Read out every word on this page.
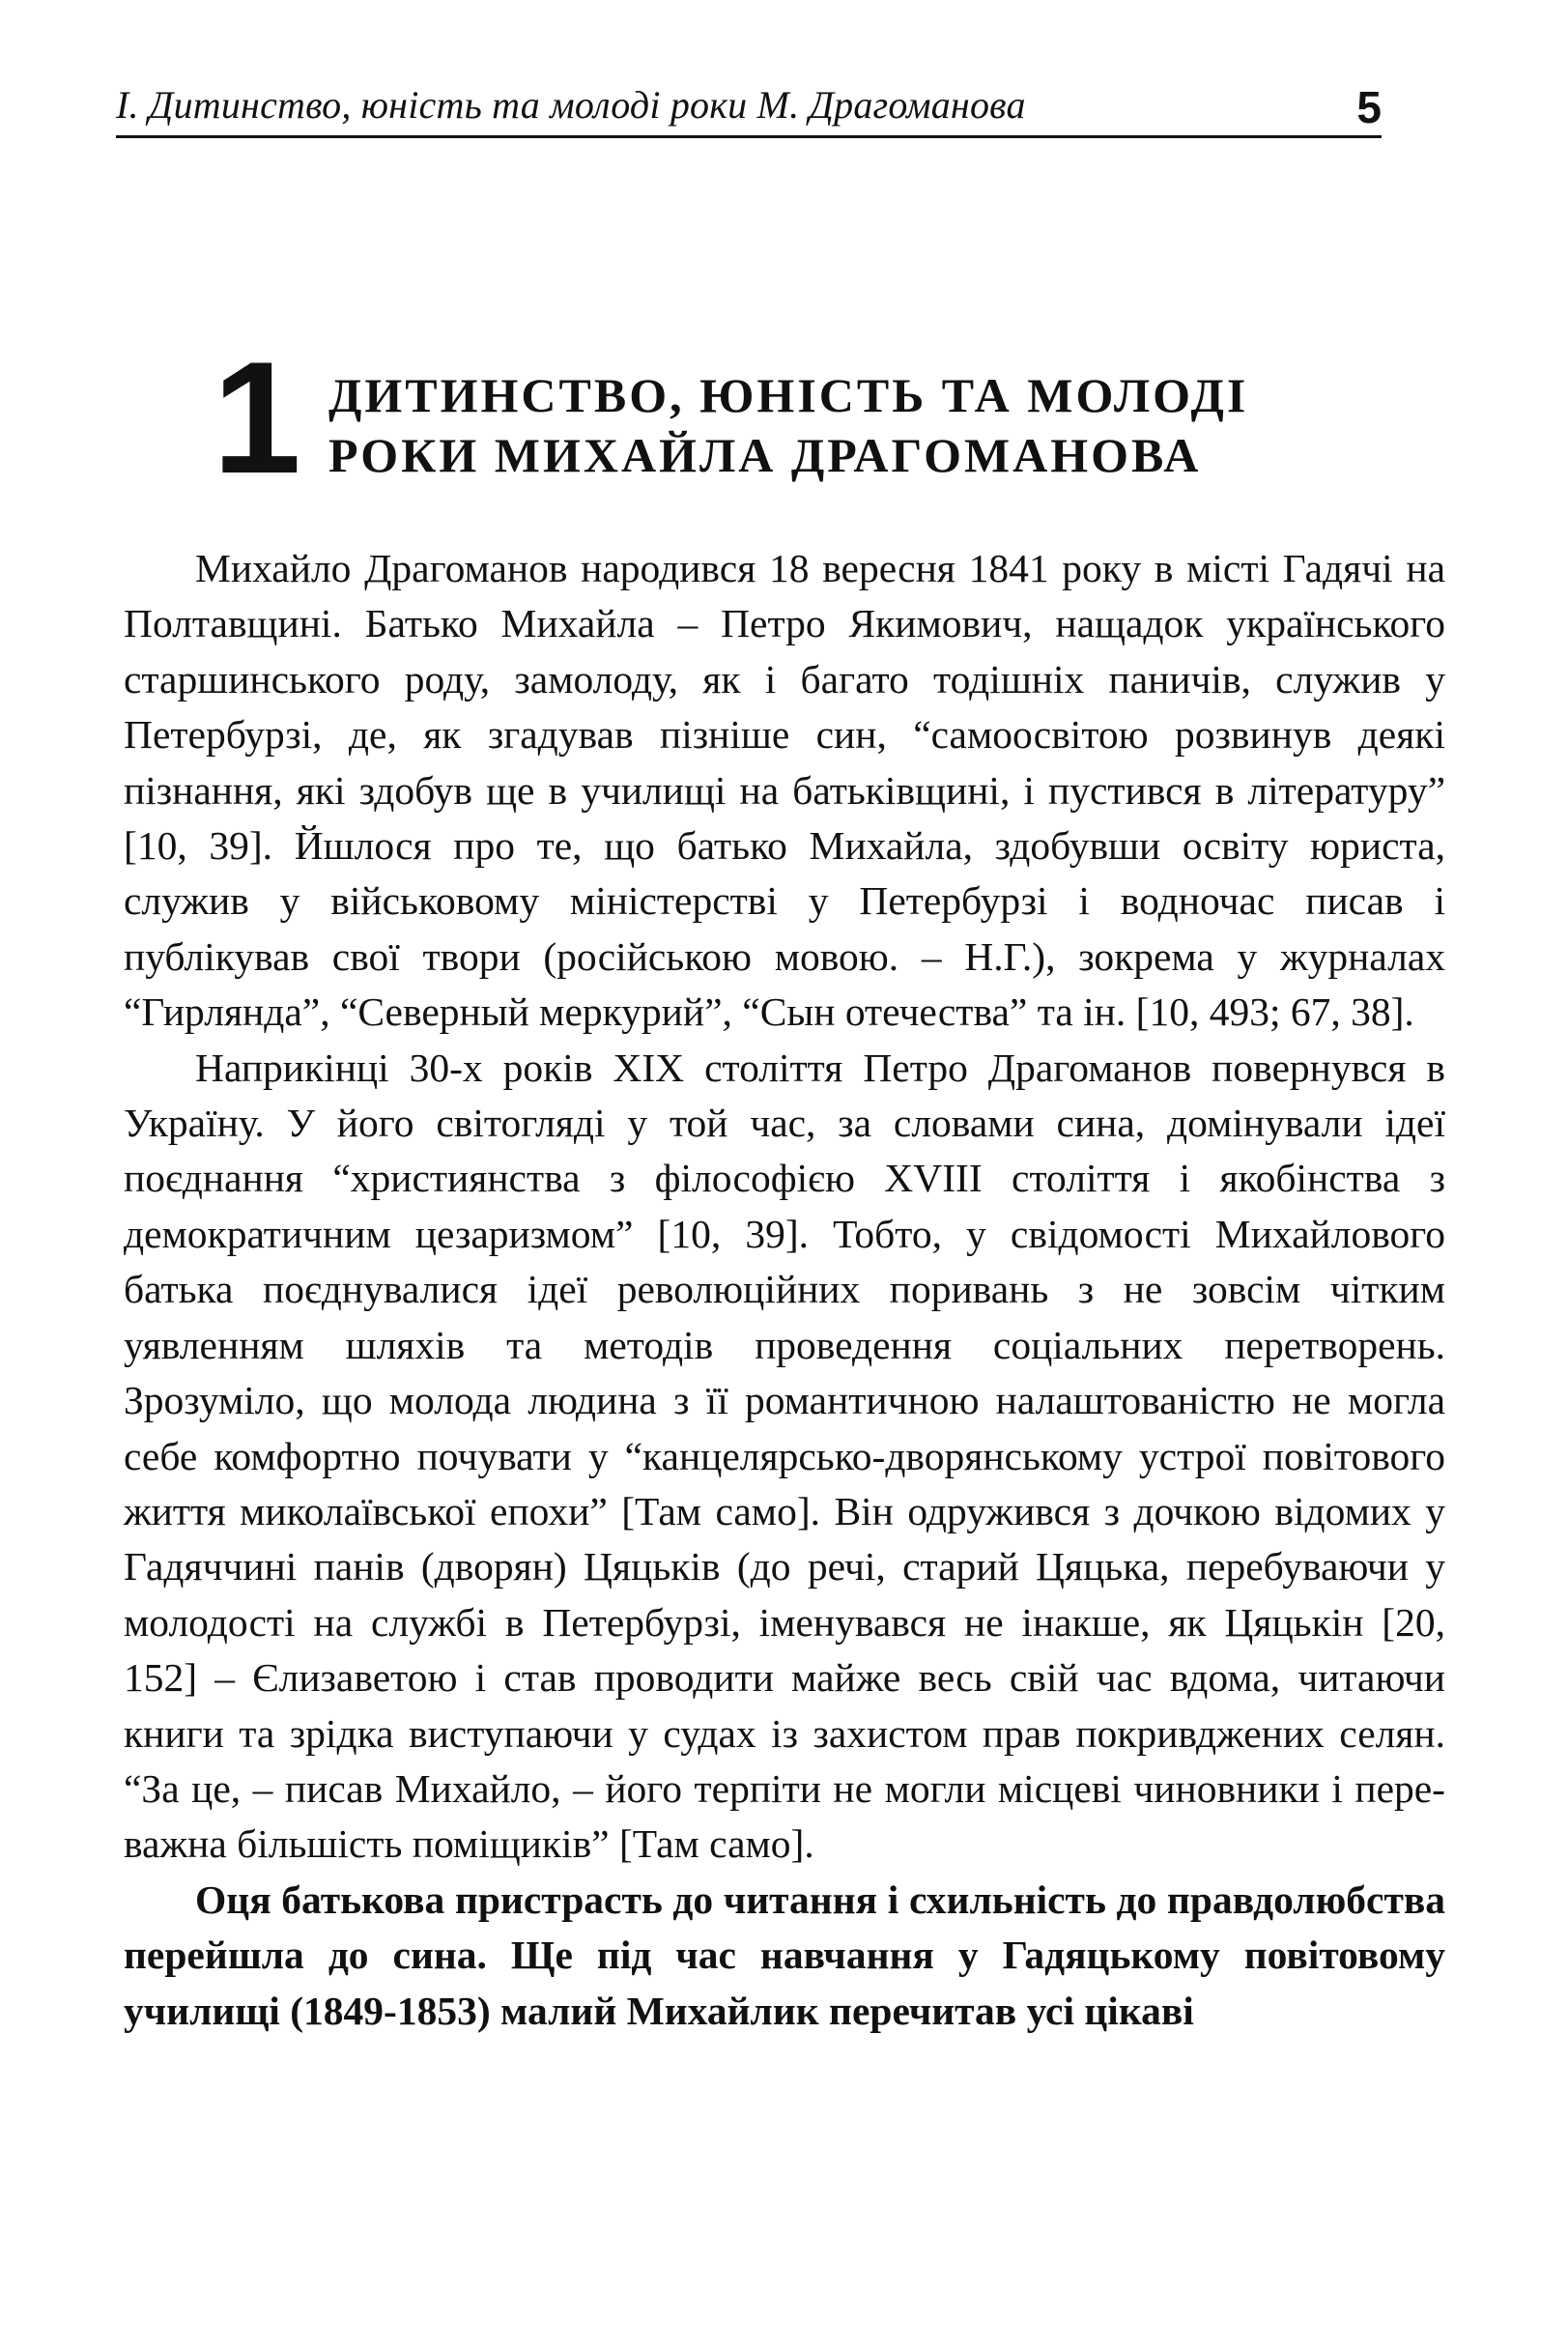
І. Дитинство, юність та молоді роки М. Драгоманова	5
1 ДИТИНСТВО, ЮНІСТЬ ТА МОЛОДІ
РОКИ МИХАЙЛА ДРАГОМАНОВА

Михайло Драгоманов народився 18 вересня 1841 року в місті Гадячі на Полтавщині. Батько Михайла – Петро Якимович, нащадок українського старшинського роду, замолоду, як і багато тодішніх паничів, служив у Петербурзі, де, як згадував пізніше син, “самоосвітою розвинув деякі пізнання, які здобув ще в училищі на батьківщині, і пустився в літературу” [10, 39]. Йшлося про те, що батько Михайла, здобувши освіту юриста, служив у військовому міністерстві у Петербурзі і водночас писав і публікував свої твори (російською мовою. – Н.Г.), зокрема у журналах “Гирлянда”, “Северный меркурий”, “Сын отечества” та ін. [10, 493; 67, 38].

Наприкінці 30-х років XIX століття Петро Драгоманов повернувся в Україну. У його світогляді у той час, за словами сина, домінували ідеї поєднання “християнства з філософією XVIII століття і якобінства з демократичним цезаризмом” [10, 39]. Тобто, у свідомості Михайлового батька поєднувалися ідеї революційних поривань з не зовсім чітким уявленням шляхів та методів проведення соціальних перетворень. Зрозуміло, що молода людина з її романтичною налаштованістю не могла себе комфортно почувати у “канцелярсько-дворянському устрої повітового життя миколаївської епохи” [Там само]. Він одружився з дочкою відомих у Гадяччині панів (дворян) Цяцьків (до речі, старий Цяцька, перебуваючи у молодості на службі в Петербурзі, іменувався не інакше, як Цяцькін [20, 152] – Єлизаветою і став проводити майже весь свій час вдома, читаючи книги та зрідка виступаючи у судах із захистом прав покривджених селян. “За це, – писав Михайло, – його терпіти не могли місцеві чиновники і переважна більшість поміщиків” [Там само].

Оця батькова пристрасть до читання і схильність до правдолюбства перейшла до сина. Ще під час навчання у Гадяцькому повітовому училищі (1849-1853) малий Михайлик перечитав усі цікаві
